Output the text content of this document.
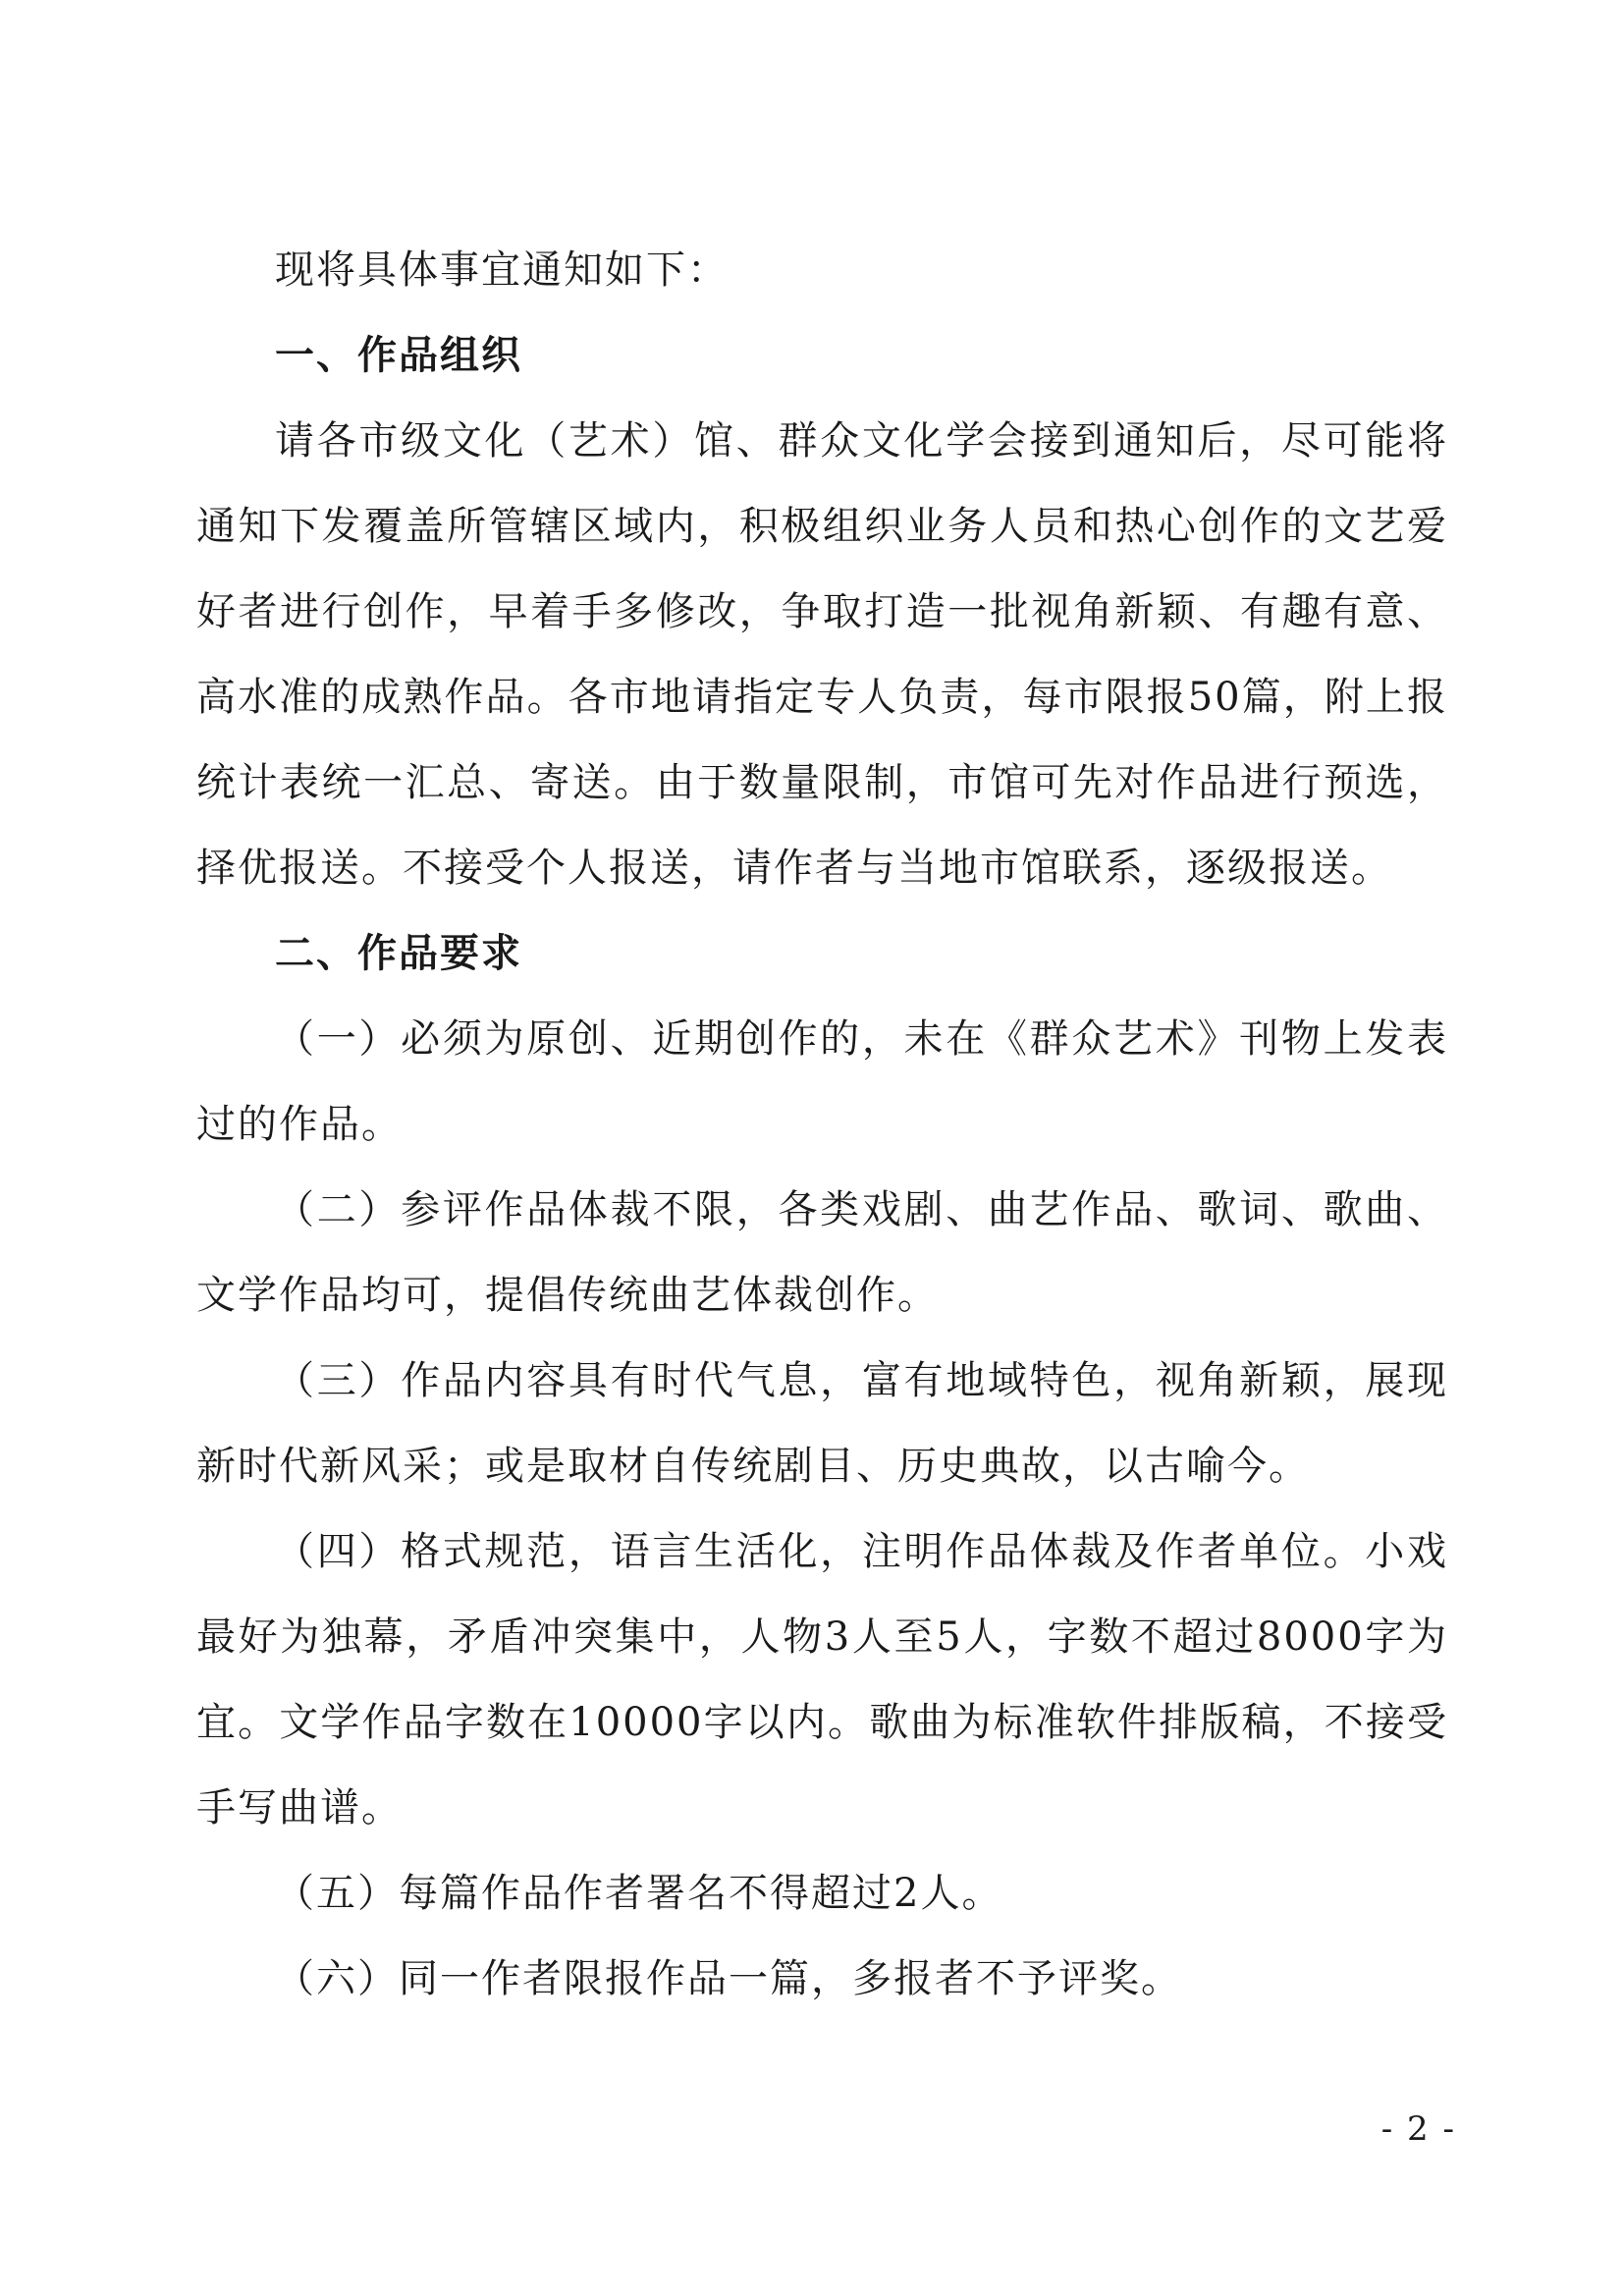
现将具体事宜通知如下：

一、作品组织

请各市级文化（艺术）馆、群众文化学会接到通知后，尽可能将通知下发覆盖所管辖区域内，积极组织业务人员和热心创作的文艺爱好者进行创作，早着手多修改，争取打造一批视角新颖、有趣有意、高水准的成熟作品。各市地请指定专人负责，每市限报50篇，附上报统计表统一汇总、寄送。由于数量限制，市馆可先对作品进行预选，择优报送。不接受个人报送，请作者与当地市馆联系，逐级报送。

二、作品要求

（一）必须为原创、近期创作的，未在《群众艺术》刊物上发表过的作品。

（二）参评作品体裁不限，各类戏剧、曲艺作品、歌词、歌曲、文学作品均可，提倡传统曲艺体裁创作。

（三）作品内容具有时代气息，富有地域特色，视角新颖，展现新时代新风采；或是取材自传统剧目、历史典故，以古喻今。

（四）格式规范，语言生活化，注明作品体裁及作者单位。小戏最好为独幕，矛盾冲突集中，人物3人至5人，字数不超过8000字为宜。文学作品字数在10000字以内。歌曲为标准软件排版稿，不接受手写曲谱。

（五）每篇作品作者署名不得超过2人。

（六）同一作者限报作品一篇，多报者不予评奖。

- 2 -
